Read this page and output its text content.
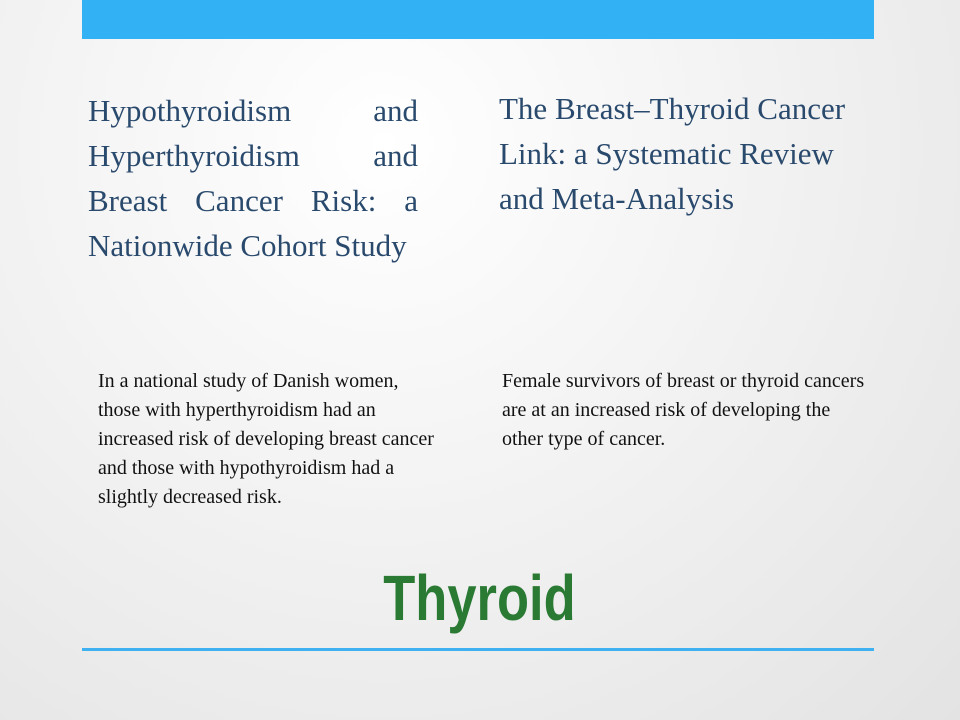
Hypothyroidism and Hyperthyroidism and Breast Cancer Risk: a Nationwide Cohort Study
The Breast–Thyroid Cancer Link: a Systematic Review and Meta-Analysis

In a national study of Danish women, those with hyperthyroidism had an increased risk of developing breast cancer and those with hypothyroidism had a slightly decreased risk.

Female survivors of breast or thyroid cancers are at an increased risk of developing the other type of cancer.

Thyroid
